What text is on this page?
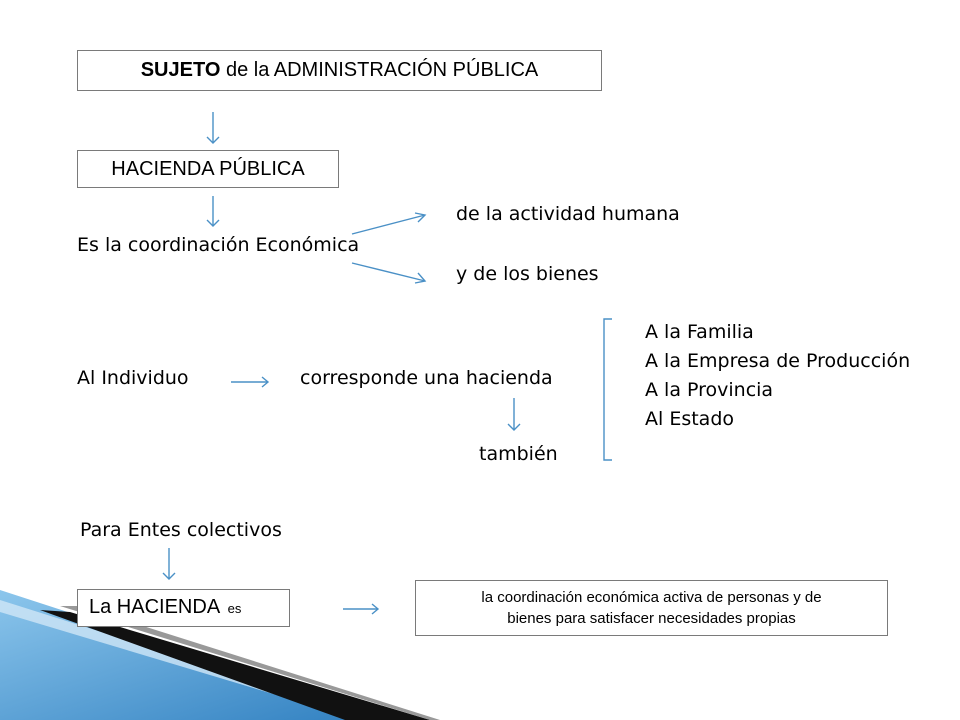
SUJETO de la ADMINISTRACIÓN PÚBLICA
HACIENDA PÚBLICA
La HACIENDA es
la coordinación económica activa de personas y de
bienes para satisfacer necesidades propias
Es la coordinación Económica
de la actividad humana
y de los bienes
Al Individuo	corresponde una hacienda
también
A la Familia
A la Empresa de Producción
A la Provincia
Al Estado
Para Entes colectivos
